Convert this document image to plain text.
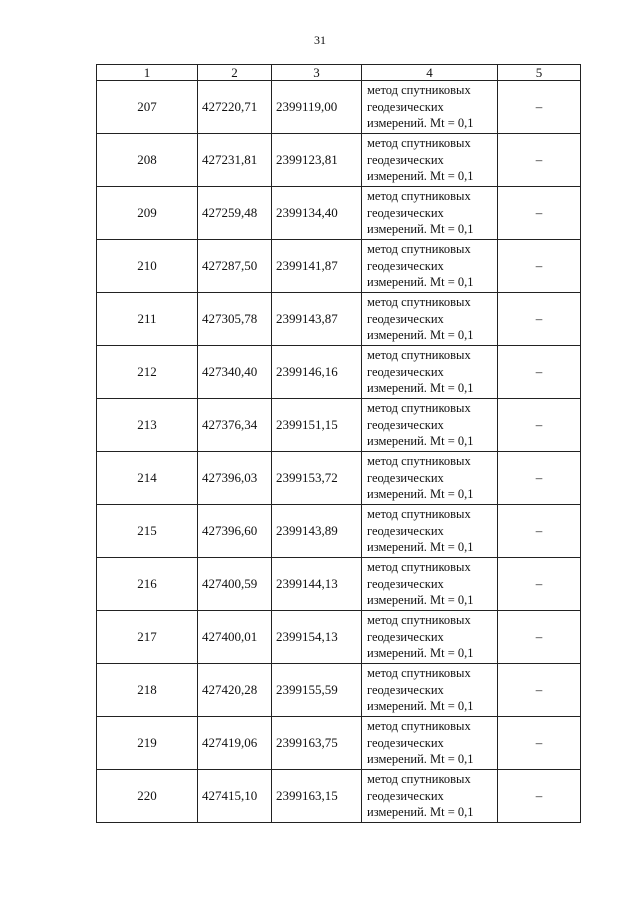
31
1	2	3	4	5
207	427220,71	2399119,00	метод спутниковых
геодезических
измерений. Mt = 0,1	–
208	427231,81	2399123,81	метод спутниковых
геодезических
измерений. Mt = 0,1	–
209	427259,48	2399134,40	метод спутниковых
геодезических
измерений. Mt = 0,1	–
210	427287,50	2399141,87	метод спутниковых
геодезических
измерений. Mt = 0,1	–
211	427305,78	2399143,87	метод спутниковых
геодезических
измерений. Mt = 0,1	–
212	427340,40	2399146,16	метод спутниковых
геодезических
измерений. Mt = 0,1	–
213	427376,34	2399151,15	метод спутниковых
геодезических
измерений. Mt = 0,1	–
214	427396,03	2399153,72	метод спутниковых
геодезических
измерений. Mt = 0,1	–
215	427396,60	2399143,89	метод спутниковых
геодезических
измерений. Mt = 0,1	–
216	427400,59	2399144,13	метод спутниковых
геодезических
измерений. Mt = 0,1	–
217	427400,01	2399154,13	метод спутниковых
геодезических
измерений. Mt = 0,1	–
218	427420,28	2399155,59	метод спутниковых
геодезических
измерений. Mt = 0,1	–
219	427419,06	2399163,75	метод спутниковых
геодезических
измерений. Mt = 0,1	–
220	427415,10	2399163,15	метод спутниковых
геодезических
измерений. Mt = 0,1	–
